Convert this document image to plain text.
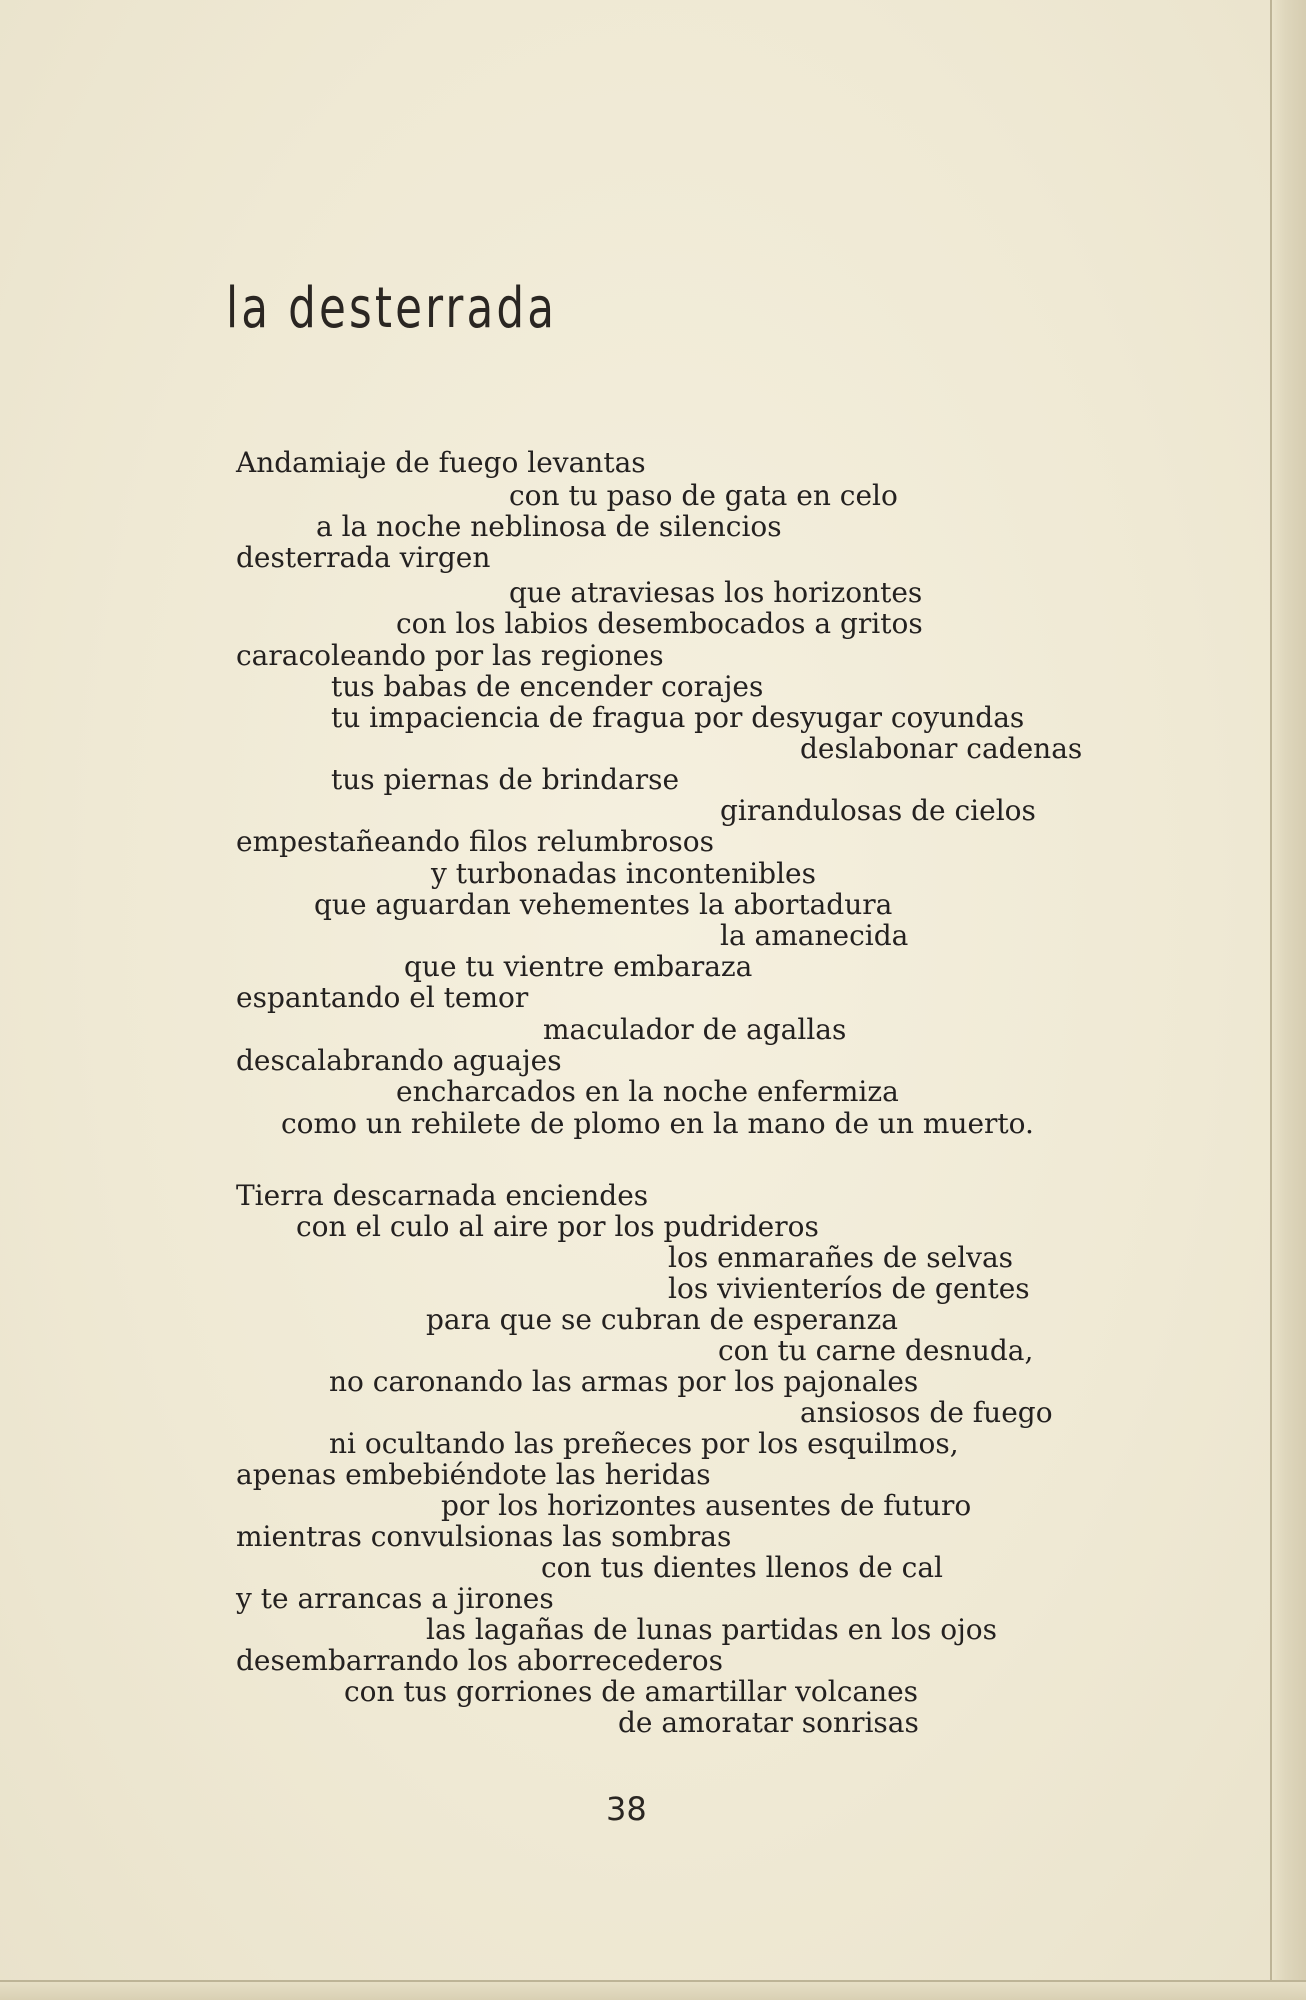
la desterrada

Andamiaje de fuego levantas

con tu paso de gata en celo

a la noche neblinosa de silencios

desterrada virgen

que atraviesas los horizontes

con los labios desembocados a gritos

caracoleando por las regiones

tus babas de encender corajes

tu impaciencia de fragua por desyugar coyundas

deslabonar cadenas

tus piernas de brindarse

girandulosas de cielos

empestañeando filos relumbrosos

y turbonadas incontenibles

que aguardan vehementes la abortadura

la amanecida

que tu vientre embaraza

espantando el temor

maculador de agallas

descalabrando aguajes

encharcados en la noche enfermiza

como un rehilete de plomo en la mano de un muerto.

Tierra descarnada enciendes

con el culo al aire por los pudrideros

los enmarañes de selvas

los vivienteríos de gentes

para que se cubran de esperanza

con tu carne desnuda,

no caronando las armas por los pajonales

ansiosos de fuego

ni ocultando las preñeces por los esquilmos,

apenas embebiéndote las heridas

por los horizontes ausentes de futuro

mientras convulsionas las sombras

con tus dientes llenos de cal

y te arrancas a jirones

las lagañas de lunas partidas en los ojos

desembarrando los aborrecederos

con tus gorriones de amartillar volcanes

de amoratar sonrisas

38
